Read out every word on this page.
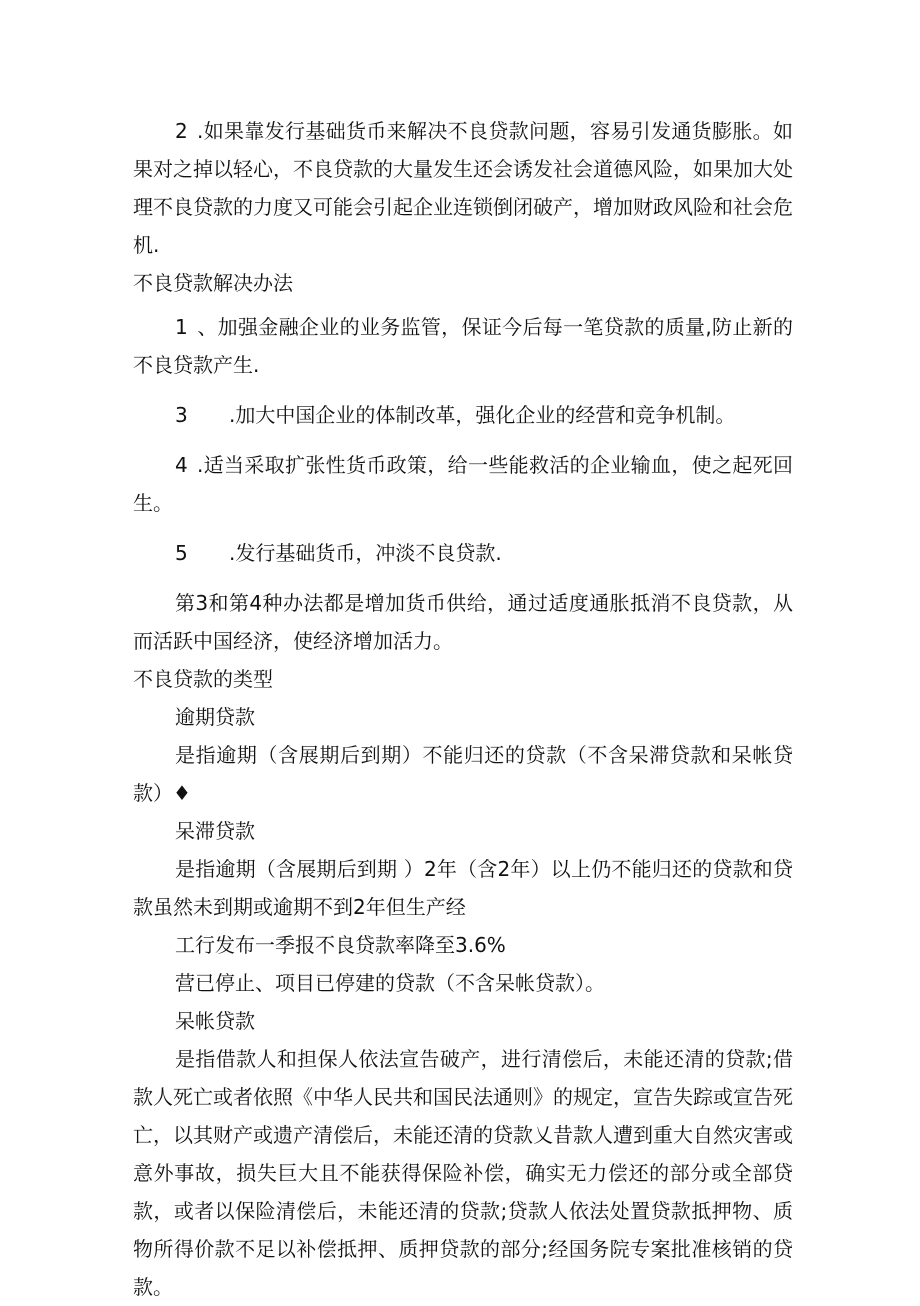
2 .如果靠发行基础货币来解决不良贷款问题，容易引发通货膨胀。如果对之掉以轻心，不良贷款的大量发生还会诱发社会道德风险，如果加大处理不良贷款的力度又可能会引起企业连锁倒闭破产，增加财政风险和社会危机.

不良贷款解决办法

1 、加强金融企业的业务监管，保证今后每一笔贷款的质量,防止新的不良贷款产生.

3 .加大中国企业的体制改革，强化企业的经营和竞争机制。

4 .适当采取扩张性货币政策，给一些能救活的企业输血，使之起死回生。

5 .发行基础货币，冲淡不良贷款.

第3和第4种办法都是增加货币供给，通过适度通胀抵消不良贷款，从而活跃中国经济，使经济增加活力。

不良贷款的类型

逾期贷款

是指逾期（含展期后到期）不能归还的贷款（不含呆滞贷款和呆帐贷款）♦

呆滞贷款

是指逾期（含展期后到期 ）2年（含2年）以上仍不能归还的贷款和贷款虽然未到期或逾期不到2年但生产经

工行发布一季报不良贷款率降至3.6%

营已停止、项目已停建的贷款（不含呆帐贷款）。

呆帐贷款

是指借款人和担保人依法宣告破产，进行清偿后，未能还清的贷款;借款人死亡或者依照《中华人民共和国民法通则》的规定，宣告失踪或宣告死亡，以其财产或遗产清偿后，未能还清的贷款乂昔款人遭到重大自然灾害或意外事故，损失巨大且不能获得保险补偿，确实无力偿还的部分或全部贷款，或者以保险清偿后，未能还清的贷款;贷款人依法处置贷款抵押物、质物所得价款不足以补偿抵押、质押贷款的部分;经国务院专案批准核销的贷款。
